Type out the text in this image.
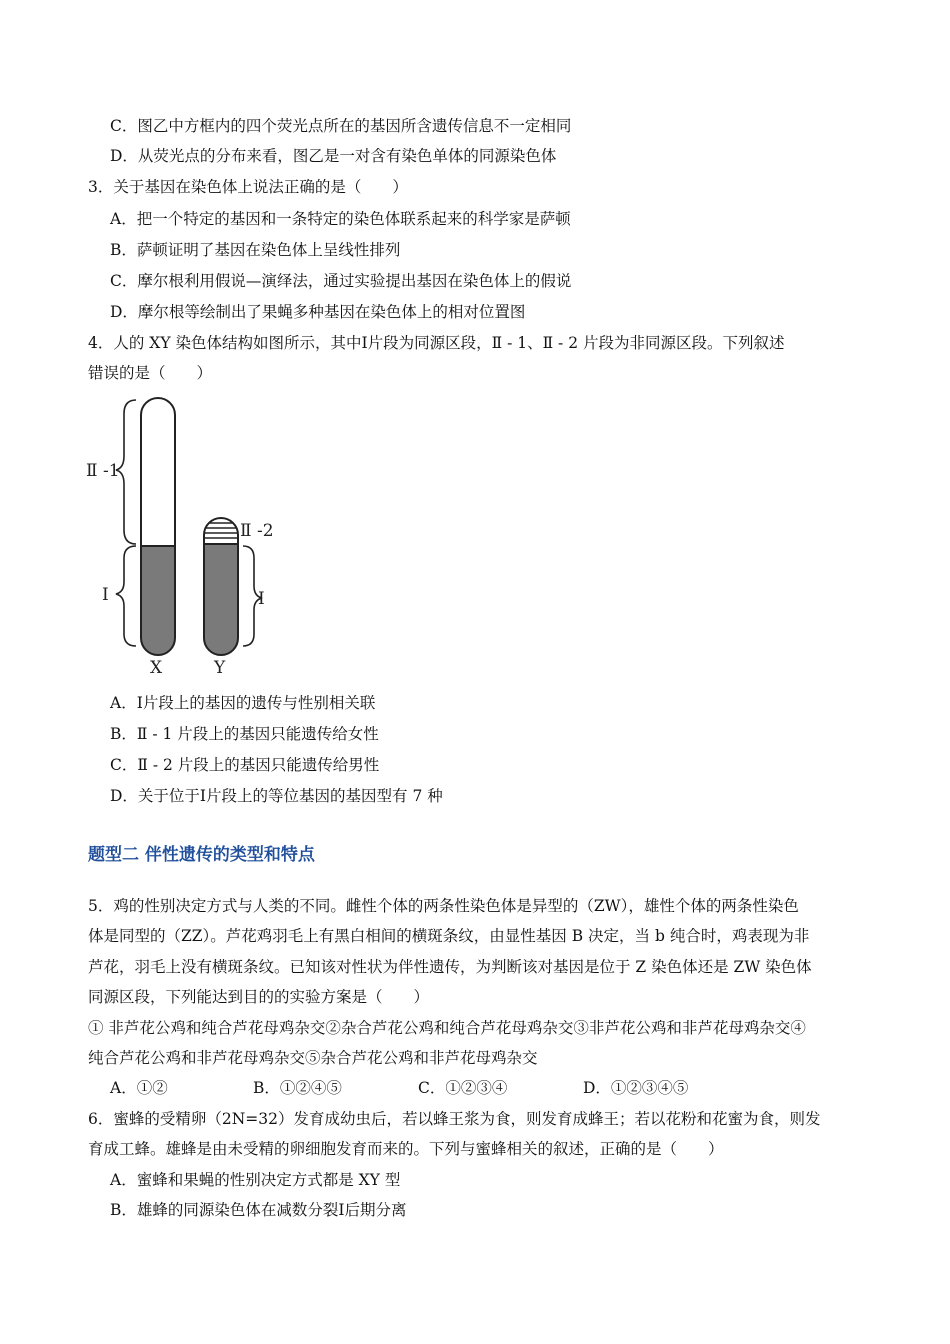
C．图乙中方框内的四个荧光点所在的基因所含遗传信息不一定相同
D．从荧光点的分布来看，图乙是一对含有染色单体的同源染色体
3．关于基因在染色体上说法正确的是（　　）
A．把一个特定的基因和一条特定的染色体联系起来的科学家是萨顿
B．萨顿证明了基因在染色体上呈线性排列
C．摩尔根利用假说—演绎法，通过实验提出基因在染色体上的假说
D．摩尔根等绘制出了果蝇多种基因在染色体上的相对位置图
4．人的 XY 染色体结构如图所示，其中Ⅰ片段为同源区段，Ⅱ - 1、Ⅱ - 2 片段为非同源区段。下列叙述
错误的是（　　）
Ⅱ -1
Ⅰ
Ⅱ -2
Ⅰ
X	Y
A．Ⅰ片段上的基因的遗传与性别相关联
B．Ⅱ - 1 片段上的基因只能遗传给女性
C．Ⅱ - 2 片段上的基因只能遗传给男性
D．关于位于Ⅰ片段上的等位基因的基因型有 7 种
题型二 伴性遗传的类型和特点
5．鸡的性别决定方式与人类的不同。雌性个体的两条性染色体是异型的（ZW），雄性个体的两条性染色
体是同型的（ZZ）。芦花鸡羽毛上有黑白相间的横斑条纹，由显性基因 B 决定，当 b 纯合时，鸡表现为非
芦花，羽毛上没有横斑条纹。已知该对性状为伴性遗传，为判断该对基因是位于 Z 染色体还是 ZW 染色体
同源区段，下列能达到目的的实验方案是（　　）
① 非芦花公鸡和纯合芦花母鸡杂交②杂合芦花公鸡和纯合芦花母鸡杂交③非芦花公鸡和非芦花母鸡杂交④
纯合芦花公鸡和非芦花母鸡杂交⑤杂合芦花公鸡和非芦花母鸡杂交
A．①②	B．①②④⑤	C．①②③④	D．①②③④⑤
6．蜜蜂的受精卵（2N=32）发育成幼虫后，若以蜂王浆为食，则发育成蜂王；若以花粉和花蜜为食，则发
育成工蜂。雄蜂是由未受精的卵细胞发育而来的。下列与蜜蜂相关的叙述，正确的是（　　）
A．蜜蜂和果蝇的性别决定方式都是 XY 型
B．雄蜂的同源染色体在减数分裂Ⅰ后期分离
